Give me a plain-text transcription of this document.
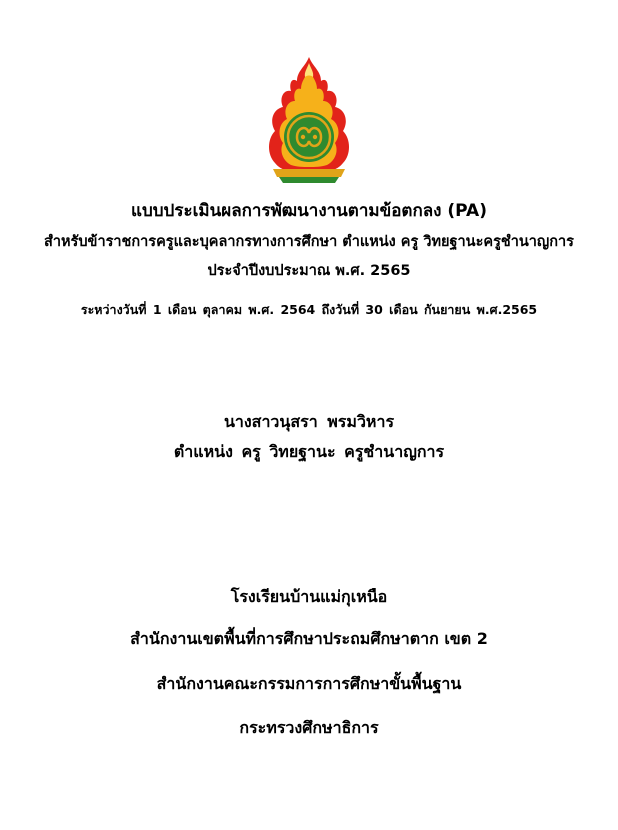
แบบประเมินผลการพัฒนางานตามข้อตกลง (PA)
สำหรับข้าราชการครูและบุคลากรทางการศึกษา ตำแหน่ง ครู วิทยฐานะครูชำนาญการ
ประจำปีงบประมาณ พ.ศ. 2565
ระหว่างวันที่ 1 เดือน ตุลาคม พ.ศ. 2564 ถึงวันที่ 30 เดือน กันยายน พ.ศ.2565
นางสาวนุสรา พรมวิหาร
ตำแหน่ง ครู วิทยฐานะ ครูชำนาญการ
โรงเรียนบ้านแม่กุเหนือ
สำนักงานเขตพื้นที่การศึกษาประถมศึกษาตาก เขต 2
สำนักงานคณะกรรมการการศึกษาขั้นพื้นฐาน
กระทรวงศึกษาธิการ
